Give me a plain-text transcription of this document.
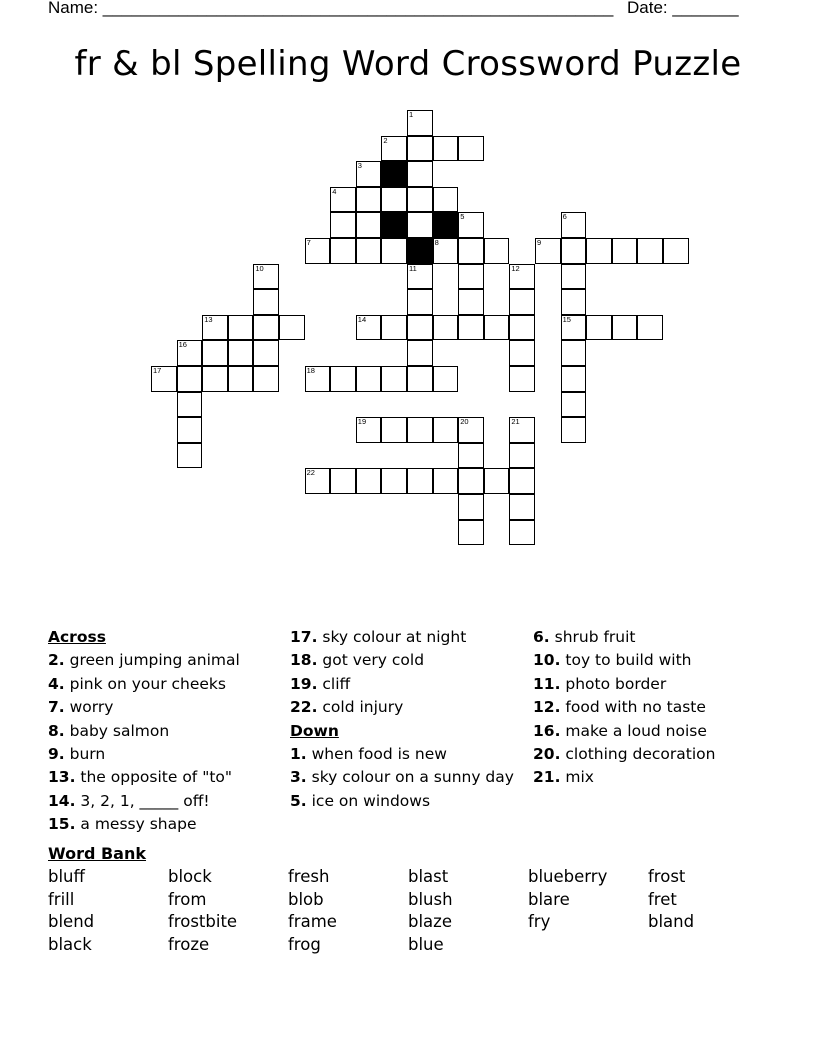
Name: ______________________________________________________ Date: _______
fr & bl Spelling Word Crossword Puzzle
1
2
3
4
5	6
7	8	9
10	11	12
13	14	15
16
17	18
19	20	21
22
Across
2. green jumping animal
4. pink on your cheeks
7. worry
8. baby salmon
9. burn
13. the opposite of "to"
14. 3, 2, 1, _____ off!
15. a messy shape
17. sky colour at night
18. got very cold
19. cliff
22. cold injury
Down
1. when food is new
3. sky colour on a sunny day
5. ice on windows
6. shrub fruit
10. toy to build with
11. photo border
12. food with no taste
16. make a loud noise
20. clothing decoration
21. mix
Word Bank
bluff	block	fresh	blast	blueberry	frost
frill	from	blob	blush	blare	fret
blend	frostbite	frame	blaze	fry	bland
black	froze	frog	blue
